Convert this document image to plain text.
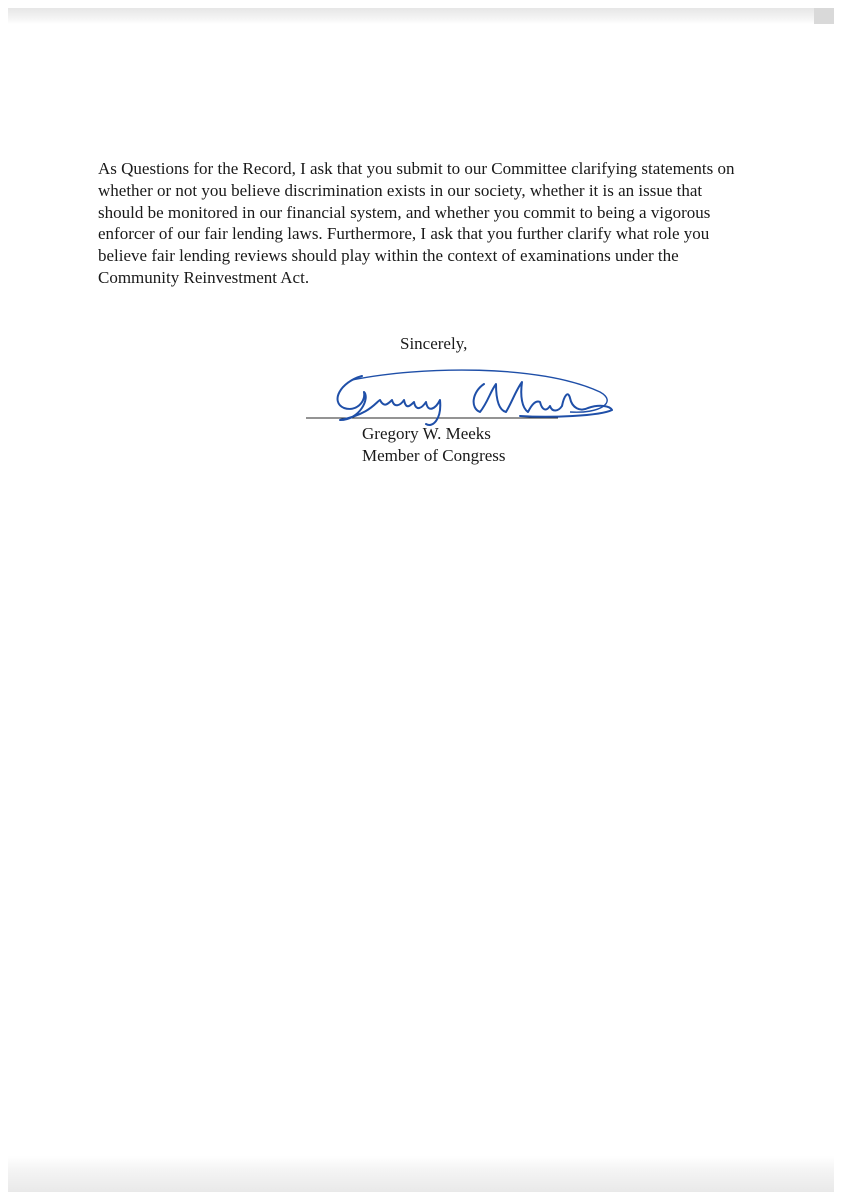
As Questions for the Record, I ask that you submit to our Committee clarifying statements on whether or not you believe discrimination exists in our society, whether it is an issue that should be monitored in our financial system, and whether you commit to being a vigorous enforcer of our fair lending laws. Furthermore, I ask that you further clarify what role you believe fair lending reviews should play within the context of examinations under the Community Reinvestment Act.

Sincerely,

Gregory W. Meeks

Member of Congress
